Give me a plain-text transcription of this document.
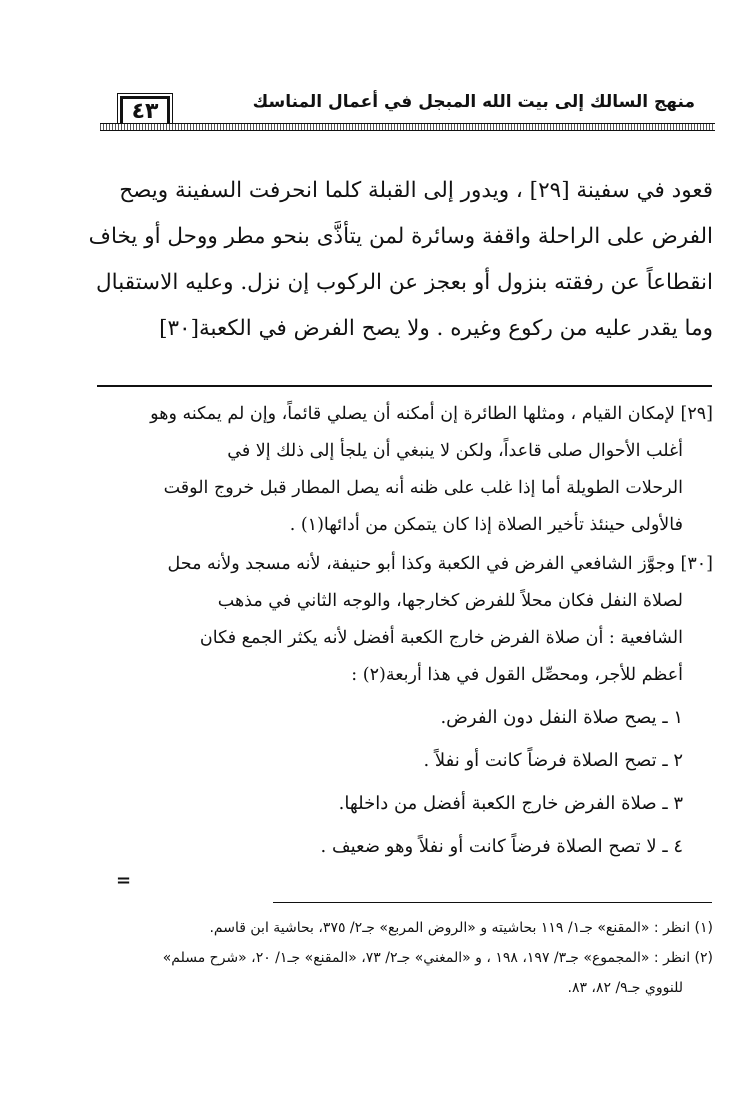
٤٣	منهج السالك إلى بيت الله المبجل في أعمال المناسك
قعود في سفينة [٢٩] ، ويدور إلى القبلة كلما انحرفت السفينة ويصح
الفرض على الراحلة واقفة وسائرة لمن يتأذَّى بنحو مطر ووحل أو يخاف
انقطاعاً عن رفقته بنزول أو بعجز عن الركوب إن نزل. وعليه الاستقبال
وما يقدر عليه من ركوع وغيره . ولا يصح الفرض في الكعبة[٣٠]
[٢٩] لإمكان القيام ، ومثلها الطائرة إن أمكنه أن يصلي قائماً، وإن لم يمكنه وهو
أغلب الأحوال صلى قاعداً، ولكن لا ينبغي أن يلجأ إلى ذلك إلا في
الرحلات الطويلة أما إذا غلب على ظنه أنه يصل المطار قبل خروج الوقت
فالأولى حينئذ تأخير الصلاة إذا كان يتمكن من أدائها(١) .
[٣٠] وجوَّز الشافعي الفرض في الكعبة وكذا أبو حنيفة، لأنه مسجد ولأنه محل
لصلاة النفل فكان محلاً للفرض كخارجها، والوجه الثاني في مذهب
الشافعية : أن صلاة الفرض خارج الكعبة أفضل لأنه يكثر الجمع فكان
أعظم للأجر، ومحصِّل القول في هذا أربعة(٢) :
١ ـ يصح صلاة النفل دون الفرض.
٢ ـ تصح الصلاة فرضاً كانت أو نفلاً .
٣ ـ صلاة الفرض خارج الكعبة أفضل من داخلها.
٤ ـ لا تصح الصلاة فرضاً كانت أو نفلاً وهو ضعيف .
=
(١) انظر : «المقنع» جـ١/ ١١٩ بحاشيته و «الروض المربع» جـ٢/ ٣٧٥، بحاشية ابن قاسم.
(٢) انظر : «المجموع» جـ٣/ ١٩٧، ١٩٨ ، و «المغني» جـ٢/ ٧٣، «المقنع» جـ١/ ٢٠، «شرح مسلم»
للنووي جـ٩/ ٨٢، ٨٣.
